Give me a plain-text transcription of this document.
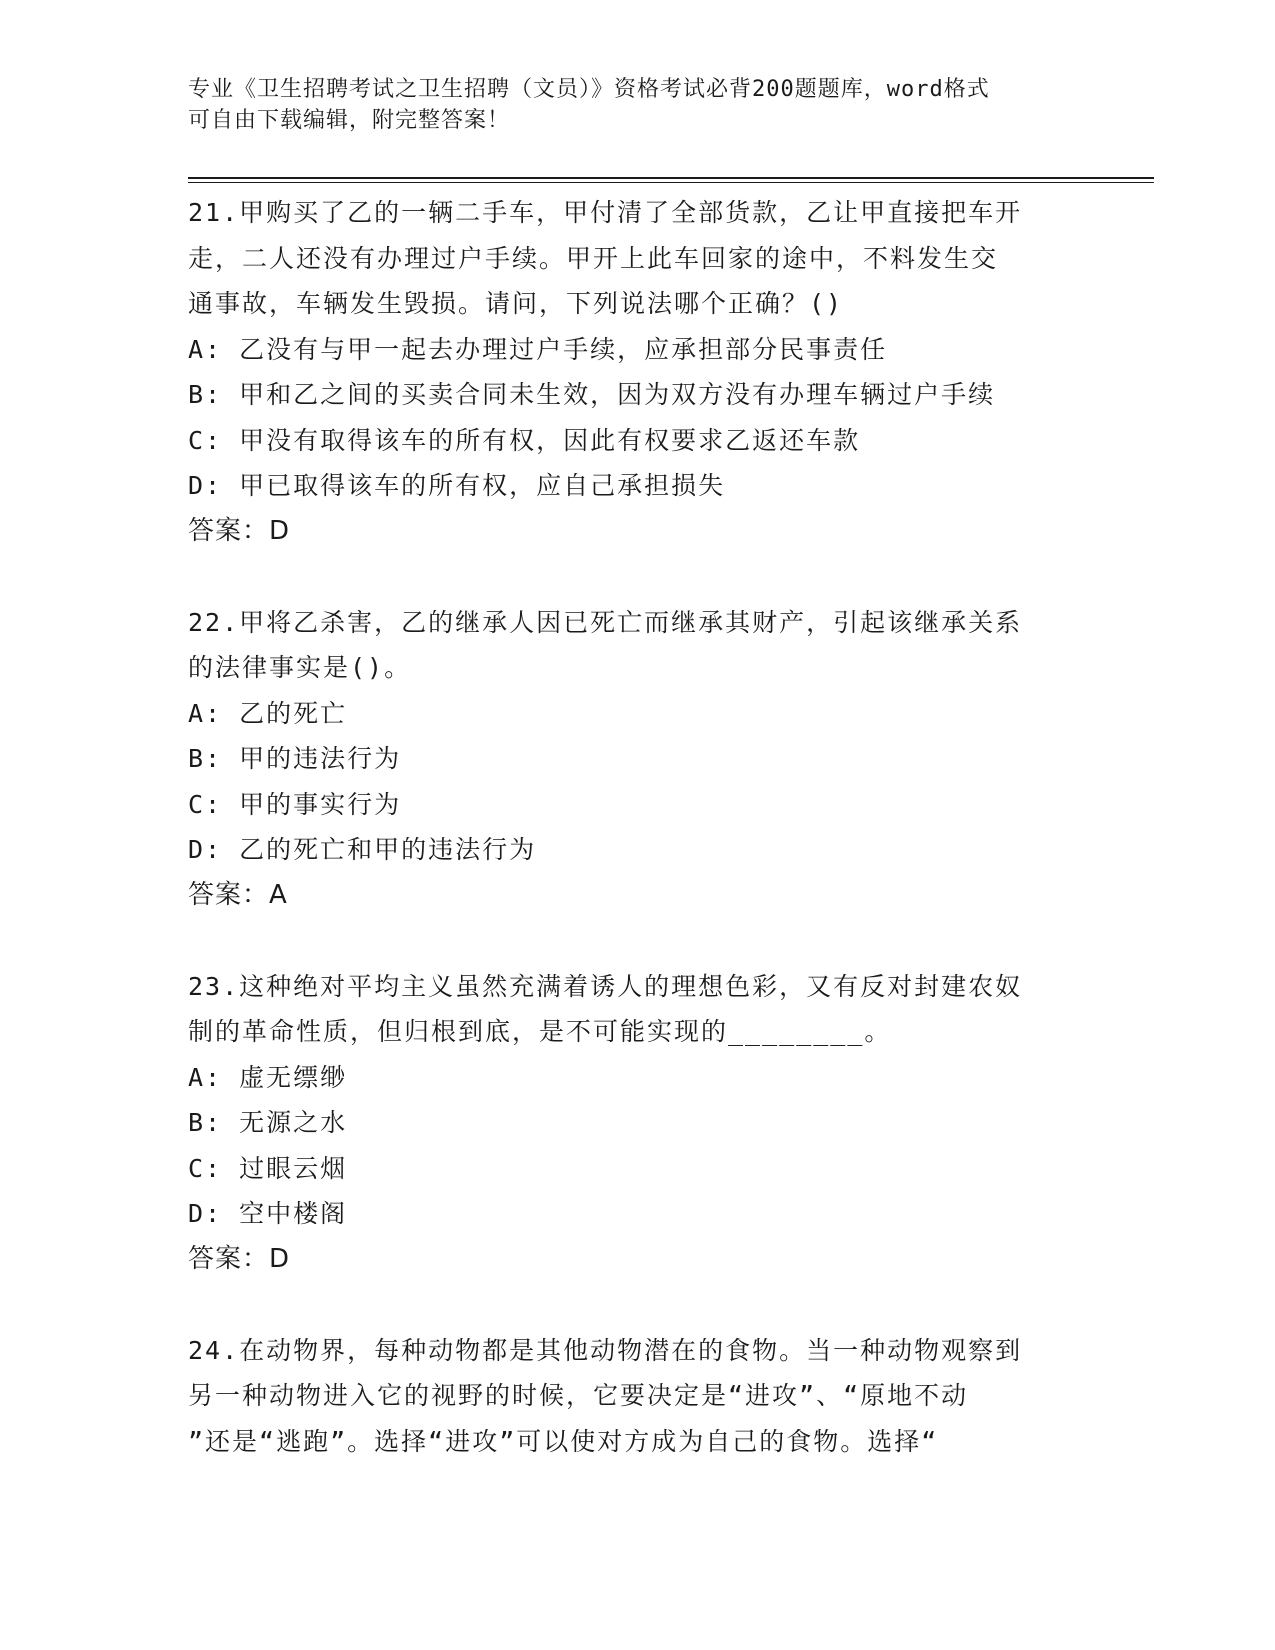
专业《卫生招聘考试之卫生招聘（文员）》资格考试必背200题题库，word格式
可自由下载编辑，附完整答案！
21.甲购买了乙的一辆二手车，甲付清了全部货款，乙让甲直接把车开
走，二人还没有办理过户手续。甲开上此车回家的途中，不料发生交
通事故，车辆发生毁损。请问，下列说法哪个正确？()
A: 乙没有与甲一起去办理过户手续，应承担部分民事责任
B: 甲和乙之间的买卖合同未生效，因为双方没有办理车辆过户手续
C: 甲没有取得该车的所有权，因此有权要求乙返还车款
D: 甲已取得该车的所有权，应自己承担损失
答案：D
22.甲将乙杀害，乙的继承人因已死亡而继承其财产，引起该继承关系
的法律事实是()。
A: 乙的死亡
B: 甲的违法行为
C: 甲的事实行为
D: 乙的死亡和甲的违法行为
答案：A
23.这种绝对平均主义虽然充满着诱人的理想色彩，又有反对封建农奴
制的革命性质，但归根到底，是不可能实现的________。
A: 虚无缥缈
B: 无源之水
C: 过眼云烟
D: 空中楼阁
答案：D
24.在动物界，每种动物都是其他动物潜在的食物。当一种动物观察到
另一种动物进入它的视野的时候，它要决定是“进攻”、“原地不动
”还是“逃跑”。选择“进攻”可以使对方成为自己的食物。选择“
